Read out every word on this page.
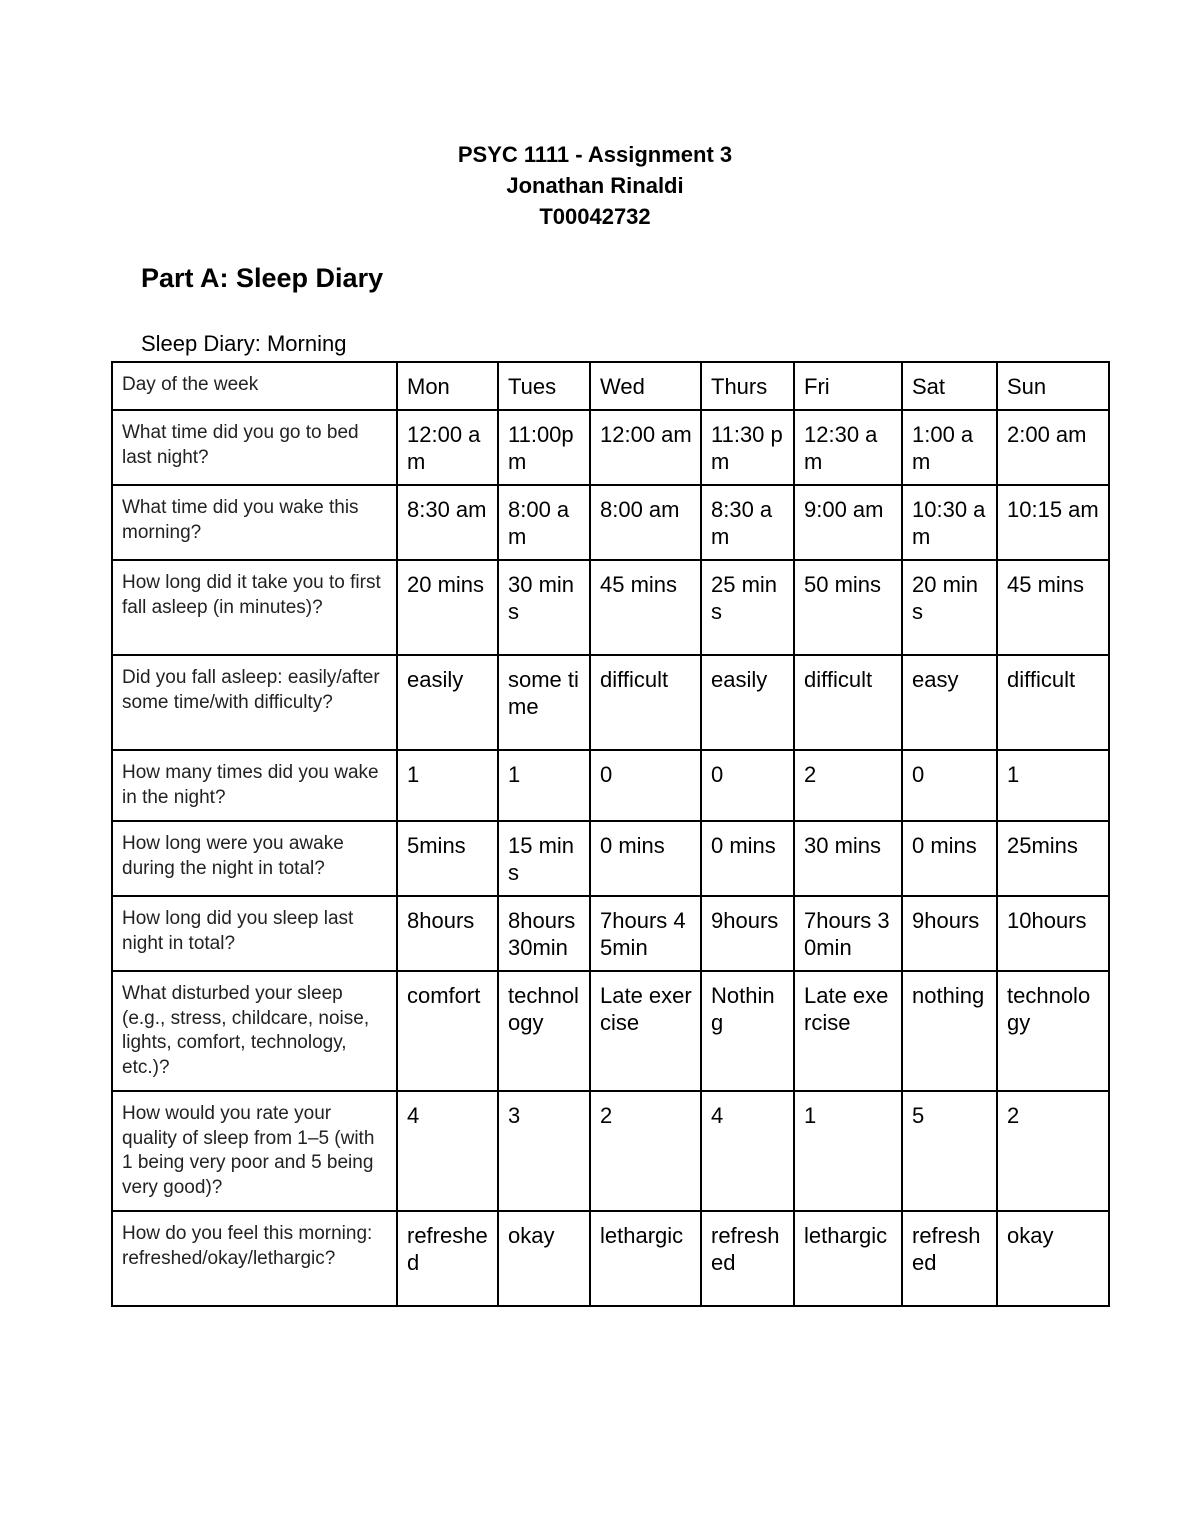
PSYC 1111 - Assignment 3
Jonathan Rinaldi
T00042732
Part A: Sleep Diary
Sleep Diary: Morning
Day of the week	Mon	Tues	Wed	Thurs	Fri	Sat	Sun
What time did you go to bed last night?	12:00 am	11:00pm	12:00 am	11:30 pm	12:30 am	1:00 am	2:00 am
What time did you wake this morning?	8:30 am	8:00 am	8:00 am	8:30 am	9:00 am	10:30 am	10:15 am
How long did it take you to first fall asleep (in minutes)?	20 mins	30 mins	45 mins	25 mins	50 mins	20 mins	45 mins
Did you fall asleep: easily/after some time/with difficulty?	easily	some time	difficult	easily	difficult	easy	difficult
How many times did you wake in the night?	1	1	0	0	2	0	1
How long were you awake during the night in total?	5mins	15 mins	0 mins	0 mins	30 mins	0 mins	25mins
How long did you sleep last night in total?	8hours	8hours 30min	7hours 45min	9hours	7hours 30min	9hours	10hours
What disturbed your sleep (e.g., stress, childcare, noise, lights, comfort, technology, etc.)?	comfort	technology	Late exercise	Nothing	Late exercise	nothing	technology
How would you rate your quality of sleep from 1–5 (with 1 being very poor and 5 being very good)?	4	3	2	4	1	5	2
How do you feel this morning: refreshed/okay/lethargic?	refreshed	okay	lethargic	refreshed	lethargic	refreshed	okay
